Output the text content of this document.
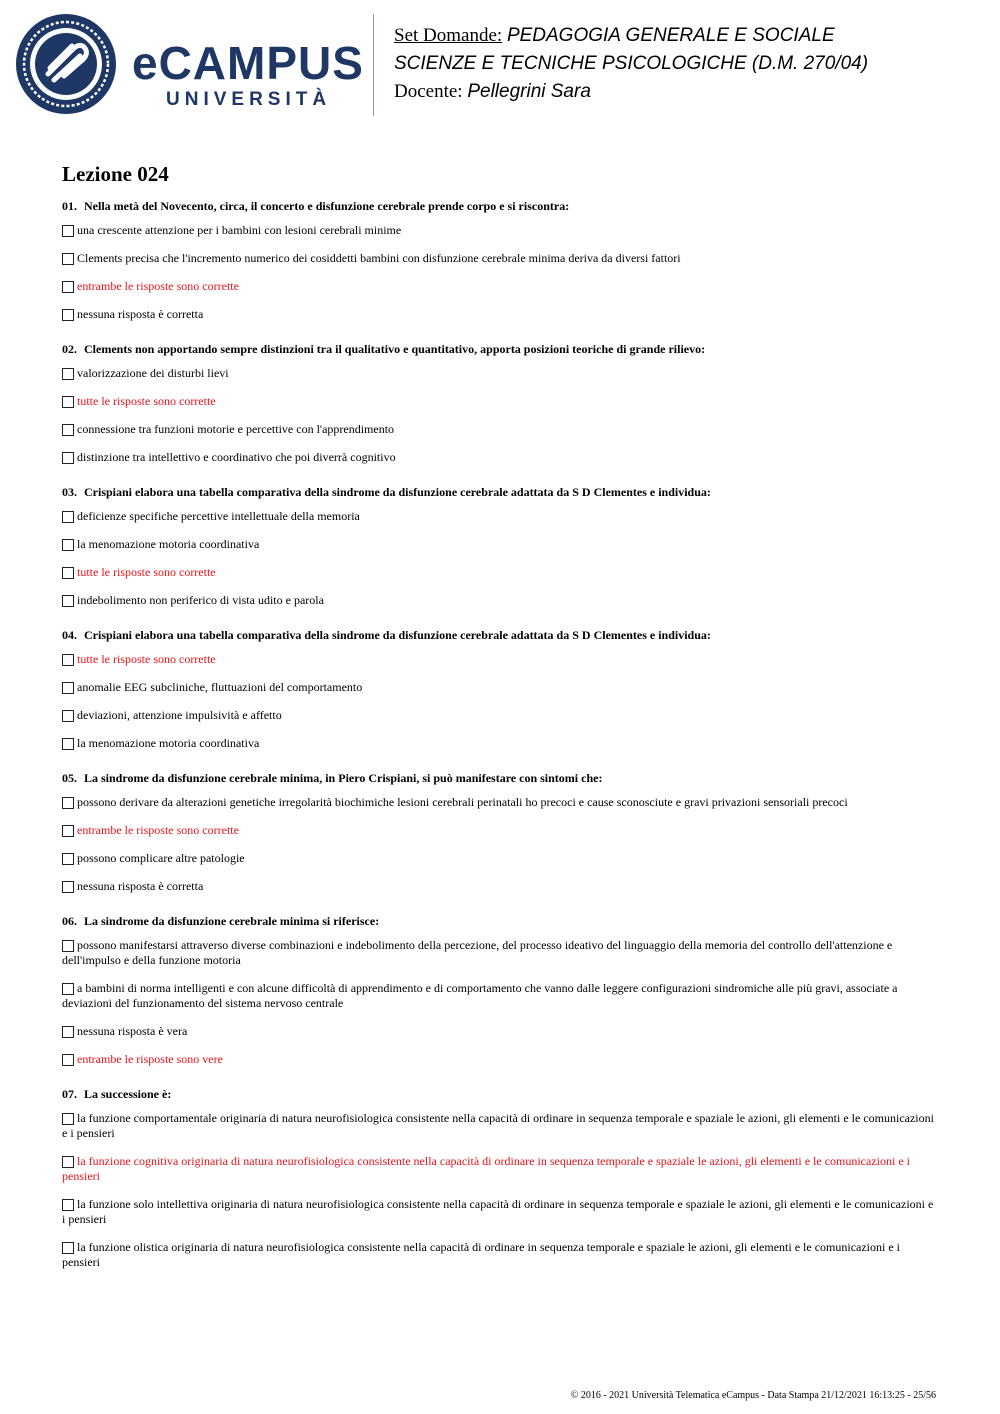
eCAMPUS
UNIVERSITÀ
Set Domande: PEDAGOGIA GENERALE E SOCIALE
SCIENZE E TECNICHE PSICOLOGICHE (D.M. 270/04)
Docente: Pellegrini Sara
Lezione 024
01. Nella metà del Novecento, circa, il concerto e disfunzione cerebrale prende corpo e si riscontra:
una crescente attenzione per i bambini con lesioni cerebrali minime
Clements precisa che l'incremento numerico dei cosiddetti bambini con disfunzione cerebrale minima deriva da diversi fattori
entrambe le risposte sono corrette
nessuna risposta è corretta
02. Clements non apportando sempre distinzioni tra il qualitativo e quantitativo, apporta posizioni teoriche di grande rilievo:
valorizzazione dei disturbi lievi
tutte le risposte sono corrette
connessione tra funzioni motorie e percettive con l'apprendimento
distinzione tra intellettivo e coordinativo che poi diverrà cognitivo
03. Crispiani elabora una tabella comparativa della sindrome da disfunzione cerebrale adattata da S D Clementes e individua:
deficienze specifiche percettive intellettuale della memoria
la menomazione motoria coordinativa
tutte le risposte sono corrette
indebolimento non periferico di vista udito e parola
04. Crispiani elabora una tabella comparativa della sindrome da disfunzione cerebrale adattata da S D Clementes e individua:
tutte le risposte sono corrette
anomalie EEG subcliniche, fluttuazioni del comportamento
deviazioni, attenzione impulsività e affetto
la menomazione motoria coordinativa
05. La sindrome da disfunzione cerebrale minima, in Piero Crispiani, si può manifestare con sintomi che:
possono derivare da alterazioni genetiche irregolarità biochimiche lesioni cerebrali perinatali ho precoci e cause sconosciute e gravi privazioni sensoriali precoci
entrambe le risposte sono corrette
possono complicare altre patologie
nessuna risposta è corretta
06. La sindrome da disfunzione cerebrale minima si riferisce:
possono manifestarsi attraverso diverse combinazioni e indebolimento della percezione, del processo ideativo del linguaggio della memoria del controllo dell'attenzione e dell'impulso e della funzione motoria
a bambini di norma intelligenti e con alcune difficoltà di apprendimento e di comportamento che vanno dalle leggere configurazioni sindromiche alle più gravi, associate a deviazioni del funzionamento del sistema nervoso centrale
nessuna risposta è vera
entrambe le risposte sono vere
07. La successione è:
la funzione comportamentale originaria di natura neurofisiologica consistente nella capacità di ordinare in sequenza temporale e spaziale le azioni, gli elementi e le comunicazioni e i pensieri
la funzione cognitiva originaria di natura neurofisiologica consistente nella capacità di ordinare in sequenza temporale e spaziale le azioni, gli elementi e le comunicazioni e i pensieri
la funzione solo intellettiva originaria di natura neurofisiologica consistente nella capacità di ordinare in sequenza temporale e spaziale le azioni, gli elementi e le comunicazioni e i pensieri
la funzione olistica originaria di natura neurofisiologica consistente nella capacità di ordinare in sequenza temporale e spaziale le azioni, gli elementi e le comunicazioni e i pensieri
© 2016 - 2021 Università Telematica eCampus - Data Stampa 21/12/2021 16:13:25 - 25/56
